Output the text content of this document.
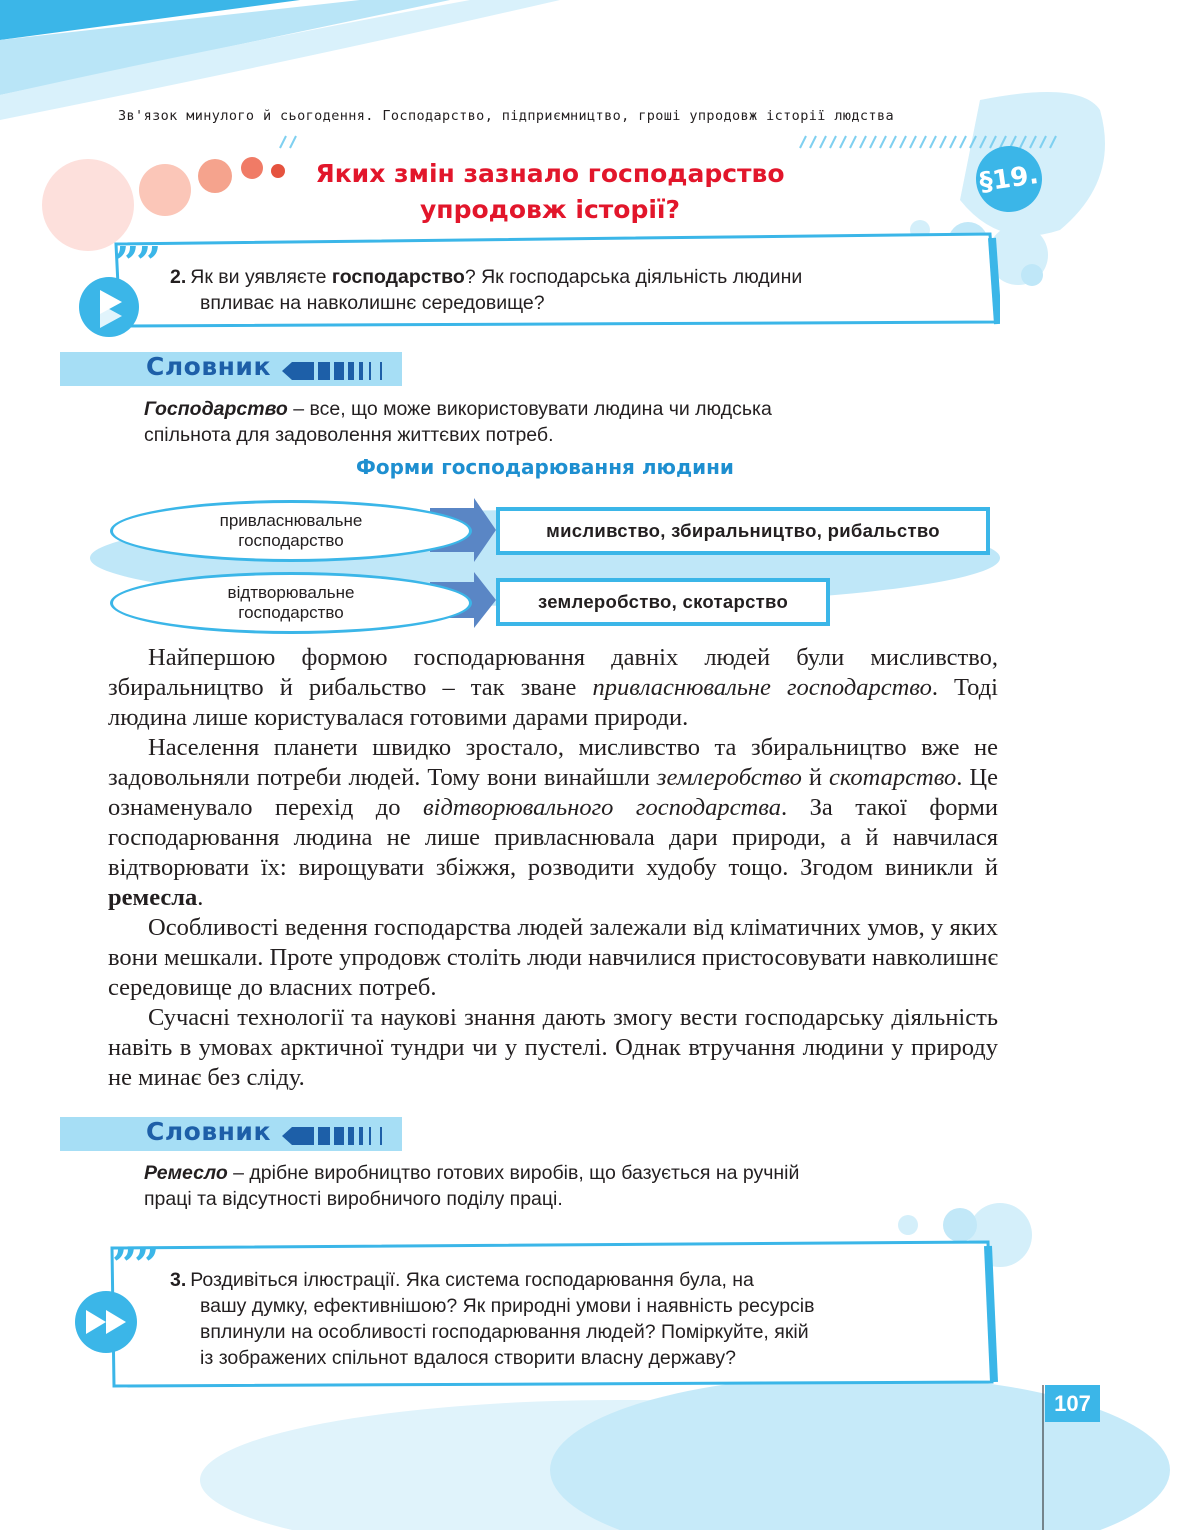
Зв'язок минулого й сьогодення. Господарство, підприємництво, гроші упродовж історії людства
Яких змін зазнало господарство
упродовж історії?
§19.
”
” 2. Як ви уявляєте господарство? Як господарська діяльність людини
впливає на навколишнє середовище?
Словник
Господарство – все, що може використовувати людина чи людська
спільнота для задоволення життєвих потреб.
Форми господарювання людини
привласнювальне
господарство	мисливство, збиральництво, рибальство
відтворювальне
господарство
землеробство, скотарство

Найпершою формою господарювання давніх людей були мисливство, збиральництво й рибальство – так зване привласнювальне господарство. Тоді людина лише користувалася готовими дарами природи.

Населення планети швидко зростало, мисливство та збиральництво вже не задовольняли потреби людей. Тому вони винайшли землеробство й скотарство. Це ознаменувало перехід до відтворювального господарства. За такої форми господарювання людина не лише привласнювала дари природи, а й навчилася відтворювати їх: вирощувати збіжжя, розводити худобу тощо. Згодом виникли й ремесла.

Особливості ведення господарства людей залежали від кліматичних умов, у яких вони мешкали. Проте упродовж століть люди навчилися пристосовувати навколишнє середовище до власних потреб.

Сучасні технології та наукові знання дають змогу вести господарську діяльність навіть в умовах арктичної тундри чи у пустелі. Однак втручання людини у природу не минає без сліду.

Словник
Ремесло – дрібне виробництво готових виробів, що базується на ручній
праці та відсутності виробничого поділу праці.
”
” 3. Роздивіться ілюстрації. Яка система господарювання була, на
вашу думку, ефективнішою? Як природні умови і наявність ресурсів
вплинули на особливості господарювання людей? Поміркуйте, якій
із зображених спільнот вдалося створити власну державу?
107
